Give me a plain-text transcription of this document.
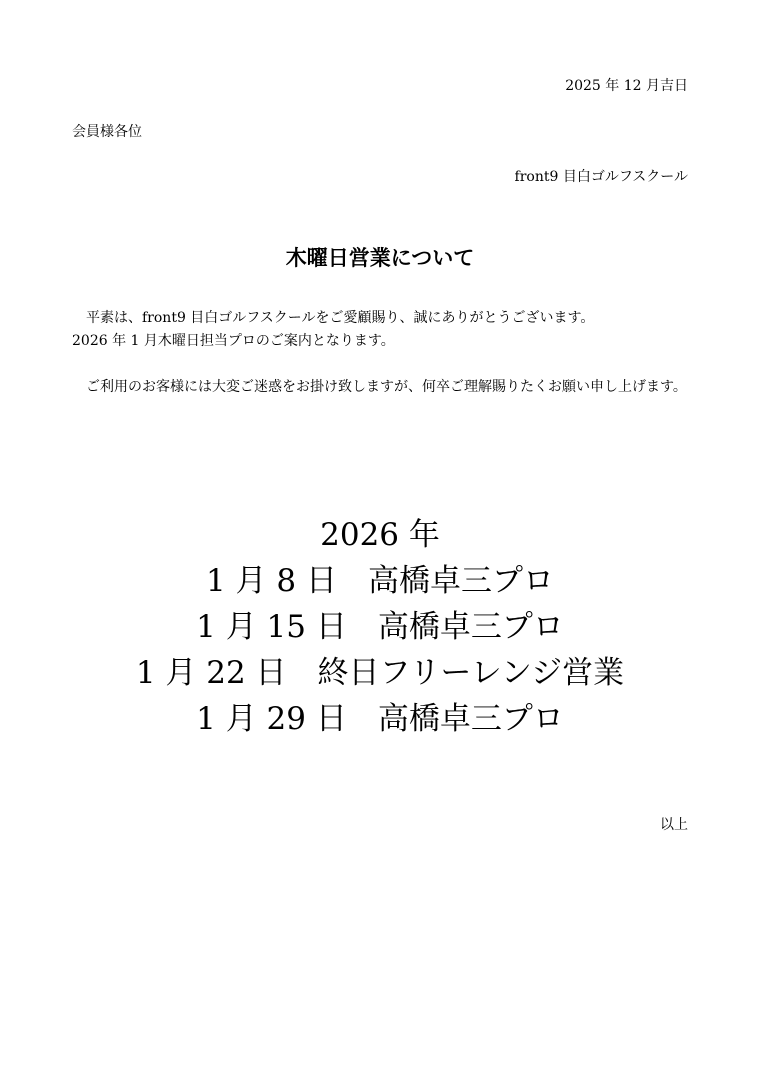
2025 年 12 月吉日
会員様各位
front9 目白ゴルフスクール
木曜日営業について
平素は、front9 目白ゴルフスクールをご愛顧賜り、誠にありがとうございます。
2026 年 1 月木曜日担当プロのご案内となります。
ご利用のお客様には大変ご迷惑をお掛け致しますが、何卒ご理解賜りたくお願い申し上げます。
2026 年
1 月 8 日　高橋卓三プロ
1 月 15 日　高橋卓三プロ
1 月 22 日　終日フリーレンジ営業
1 月 29 日　高橋卓三プロ
以上
